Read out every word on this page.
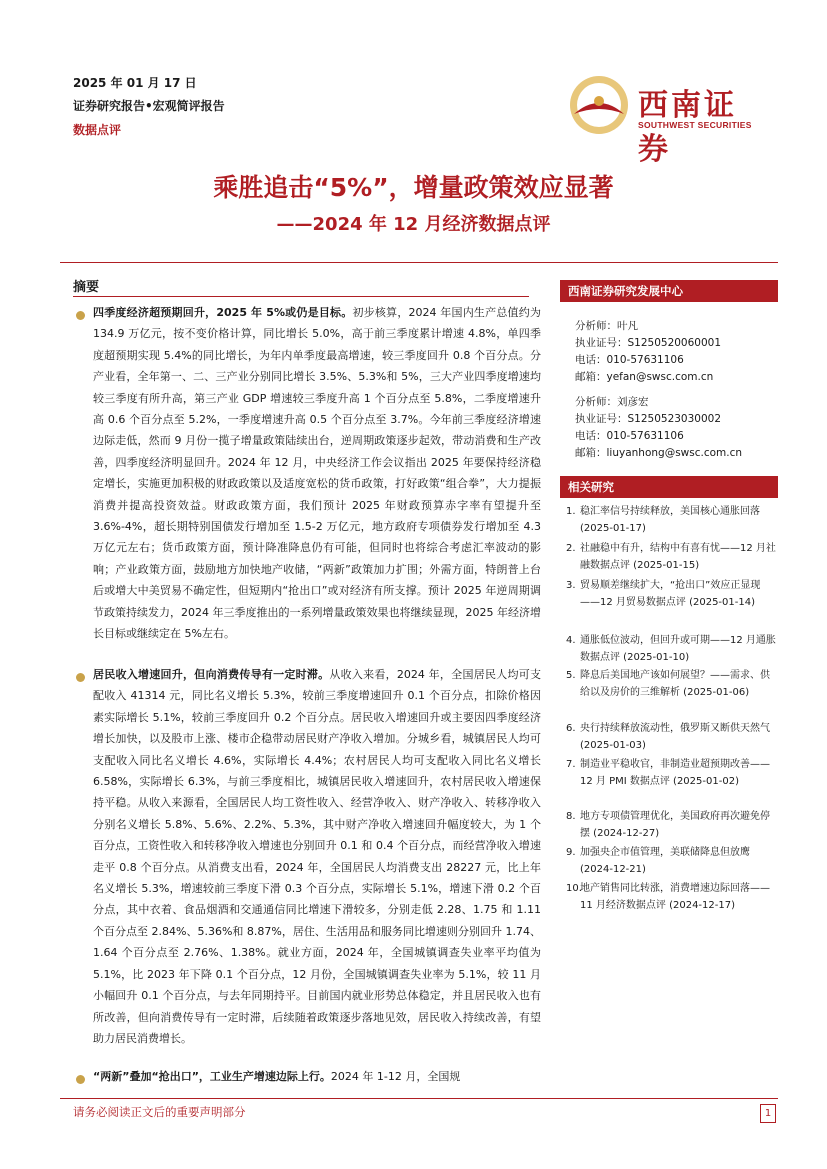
2025 年 01 月 17 日
证券研究报告•宏观简评报告
数据点评
西南证券
SOUTHWEST SECURITIES
乘胜追击“5%”，增量政策效应显著
——2024 年 12 月经济数据点评
摘要
四季度经济超预期回升，2025 年 5%或仍是目标。初步核算，2024 年国内生产总值约为 134.9 万亿元，按不变价格计算，同比增长 5.0%，高于前三季度累计增速 4.8%，单四季度超预期实现 5.4%的同比增长，为年内单季度最高增速，较三季度回升 0.8 个百分点。分产业看，全年第一、二、三产业分别同比增长 3.5%、5.3%和 5%，三大产业四季度增速均较三季度有所升高，第三产业 GDP 增速较三季度升高 1 个百分点至 5.8%，二季度增速升高 0.6 个百分点至 5.2%，一季度增速升高 0.5 个百分点至 3.7%。今年前三季度经济增速边际走低，然而 9 月份一揽子增量政策陆续出台，逆周期政策逐步起效，带动消费和生产改善，四季度经济明显回升。2024 年 12 月，中央经济工作会议指出 2025 年要保持经济稳定增长，实施更加积极的财政政策以及适度宽松的货币政策，打好政策“组合拳”，大力提振消费并提高投资效益。财政政策方面，我们预计 2025 年财政预算赤字率有望提升至 3.6%-4%，超长期特别国债发行增加至 1.5-2 万亿元，地方政府专项债券发行增加至 4.3 万亿元左右；货币政策方面，预计降准降息仍有可能，但同时也将综合考虑汇率波动的影响；产业政策方面，鼓励地方加快地产收储，“两新”政策加力扩围；外需方面，特朗普上台后或增大中美贸易不确定性，但短期内“抢出口”或对经济有所支撑。预计 2025 年逆周期调节政策持续发力，2024 年三季度推出的一系列增量政策效果也将继续显现，2025 年经济增长目标或继续定在 5%左右。
居民收入增速回升，但向消费传导有一定时滞。从收入来看，2024 年，全国居民人均可支配收入 41314 元，同比名义增长 5.3%，较前三季度增速回升 0.1 个百分点，扣除价格因素实际增长 5.1%，较前三季度回升 0.2 个百分点。居民收入增速回升或主要因四季度经济增长加快，以及股市上涨、楼市企稳带动居民财产净收入增加。分城乡看，城镇居民人均可支配收入同比名义增长 4.6%，实际增长 4.4%；农村居民人均可支配收入同比名义增长 6.58%，实际增长 6.3%，与前三季度相比，城镇居民收入增速回升，农村居民收入增速保持平稳。从收入来源看，全国居民人均工资性收入、经营净收入、财产净收入、转移净收入分别名义增长 5.8%、5.6%、2.2%、5.3%，其中财产净收入增速回升幅度较大，为 1 个百分点，工资性收入和转移净收入增速也分别回升 0.1 和 0.4 个百分点，而经营净收入增速走平 0.8 个百分点。从消费支出看，2024 年，全国居民人均消费支出 28227 元，比上年名义增长 5.3%，增速较前三季度下滑 0.3 个百分点，实际增长 5.1%，增速下滑 0.2 个百分点，其中衣着、食品烟酒和交通通信同比增速下滑较多，分别走低 2.28、1.75 和 1.11 个百分点至 2.84%、5.36%和 8.87%，居住、生活用品和服务同比增速则分别回升 1.74、1.64 个百分点至 2.76%、1.38%。就业方面，2024 年，全国城镇调查失业率平均值为 5.1%，比 2023 年下降 0.1 个百分点，12 月份，全国城镇调查失业率为 5.1%，较 11 月小幅回升 0.1 个百分点，与去年同期持平。目前国内就业形势总体稳定，并且居民收入也有所改善，但向消费传导有一定时滞，后续随着政策逐步落地见效，居民收入持续改善，有望助力居民消费增长。
“两新”叠加“抢出口”，工业生产增速边际上行。2024 年 1-12 月，全国规
西南证券研究发展中心
分析师：叶凡
执业证号：S1250520060001
电话：010-57631106
邮箱：yefan@swsc.com.cn
分析师：刘彦宏
执业证号：S1250523030002
电话：010-57631106
邮箱：liuyanhong@swsc.com.cn
相关研究
1. 稳汇率信号持续释放，美国核心通胀回落 (2025-01-17)
2. 社融稳中有升，结构中有喜有忧——12 月社融数据点评 (2025-01-15)
3. 贸易顺差继续扩大，“抢出口”效应正显现——12 月贸易数据点评 (2025-01-14)
4. 通胀低位波动，但回升或可期——12 月通胀数据点评 (2025-01-10)
5. 降息后美国地产该如何展望？——需求、供给以及房价的三维解析 (2025-01-06)
6. 央行持续释放流动性，俄罗斯又断供天然气 (2025-01-03)
7. 制造业平稳收官，非制造业超预期改善——12 月 PMI 数据点评 (2025-01-02)
8. 地方专项债管理优化，美国政府再次避免停摆 (2024-12-27)
9. 加强央企市值管理，美联储降息但放鹰 (2024-12-21)
10.
地产销售同比转涨，消费增速边际回落——11 月经济数据点评 (2024-12-17)
请务必阅读正文后的重要声明部分	1
